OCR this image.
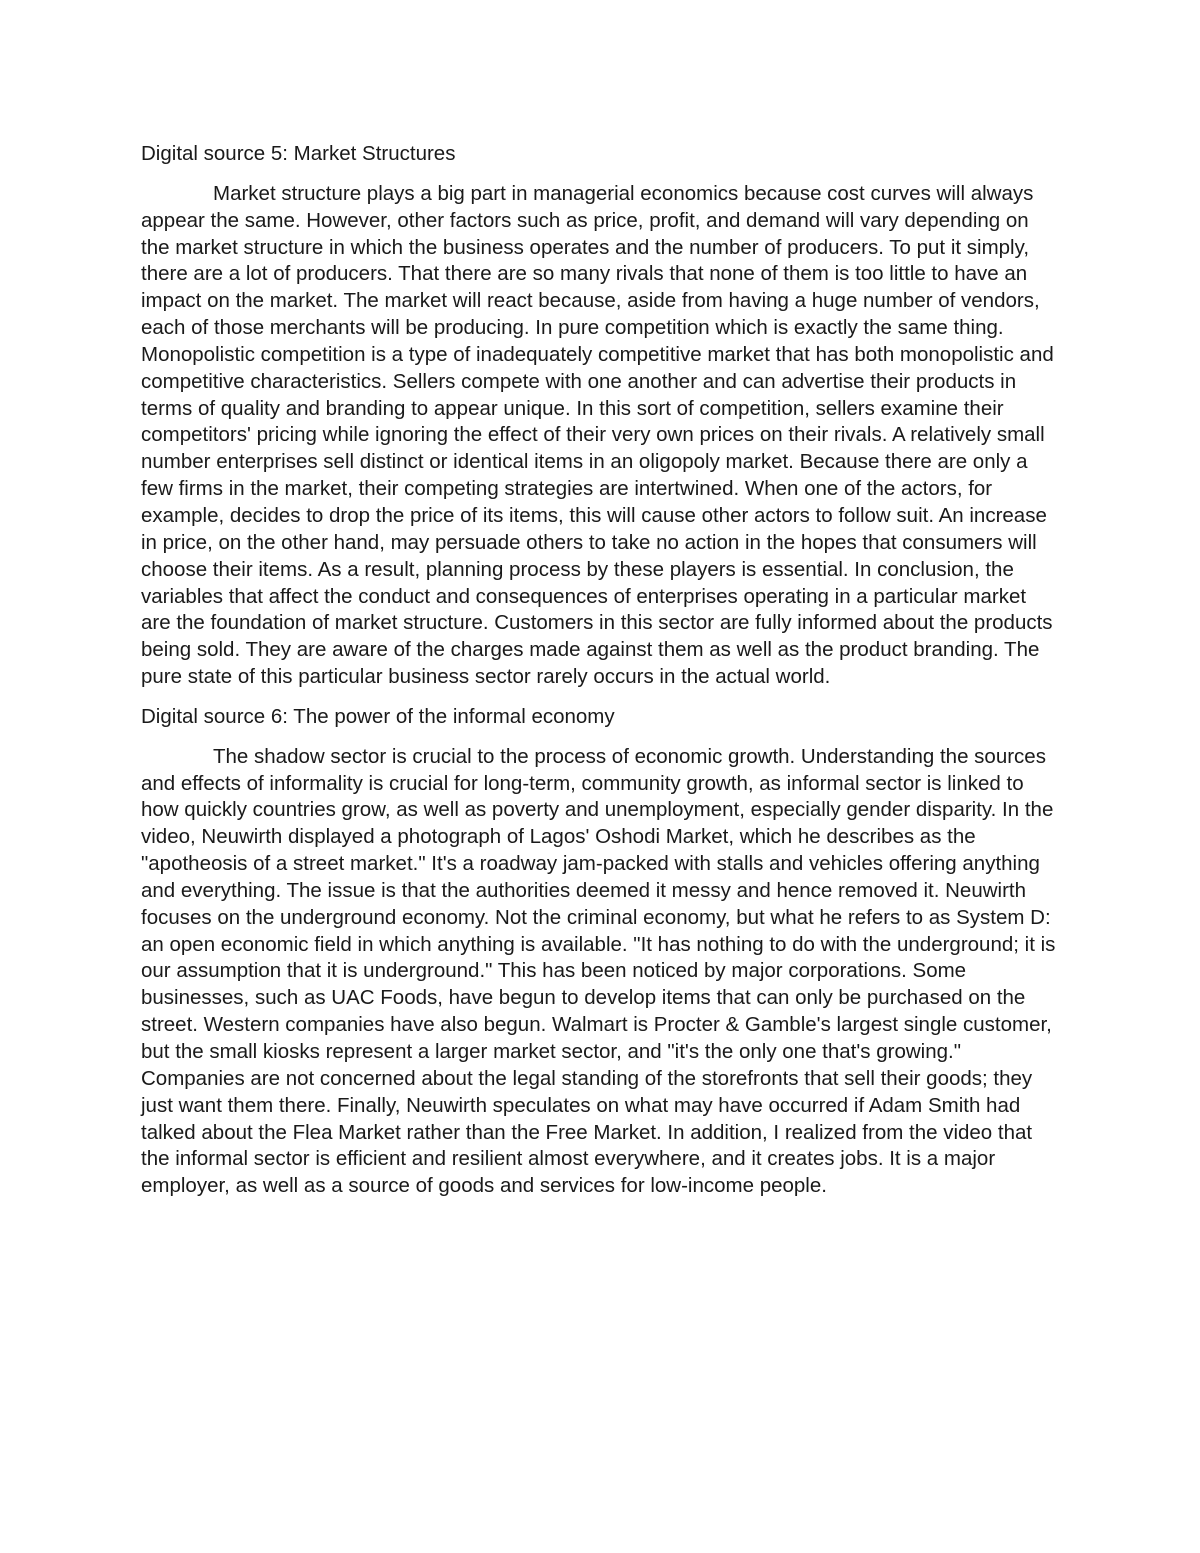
Digital source 5: Market Structures

Market structure plays a big part in managerial economics because cost curves will always appear the same. However, other factors such as price, profit, and demand will vary depending on the market structure in which the business operates and the number of producers. To put it simply, there are a lot of producers. That there are so many rivals that none of them is too little to have an impact on the market. The market will react because, aside from having a huge number of vendors, each of those merchants will be producing. In pure competition which is exactly the same thing. Monopolistic competition is a type of inadequately competitive market that has both monopolistic and competitive characteristics. Sellers compete with one another and can advertise their products in terms of quality and branding to appear unique. In this sort of competition, sellers examine their competitors' pricing while ignoring the effect of their very own prices on their rivals. A relatively small number enterprises sell distinct or identical items in an oligopoly market. Because there are only a few firms in the market, their competing strategies are intertwined. When one of the actors, for example, decides to drop the price of its items, this will cause other actors to follow suit. An increase in price, on the other hand, may persuade others to take no action in the hopes that consumers will choose their items. As a result, planning process by these players is essential. In conclusion, the variables that affect the conduct and consequences of enterprises operating in a particular market are the foundation of market structure. Customers in this sector are fully informed about the products being sold. They are aware of the charges made against them as well as the product branding. The pure state of this particular business sector rarely occurs in the actual world.

Digital source 6: The power of the informal economy

The shadow sector is crucial to the process of economic growth. Understanding the sources and effects of informality is crucial for long-term, community growth, as informal sector is linked to how quickly countries grow, as well as poverty and unemployment, especially gender disparity. In the video, Neuwirth displayed a photograph of Lagos' Oshodi Market, which he describes as the "apotheosis of a street market." It's a roadway jam-packed with stalls and vehicles offering anything and everything. The issue is that the authorities deemed it messy and hence removed it. Neuwirth focuses on the underground economy. Not the criminal economy, but what he refers to as System D: an open economic field in which anything is available. "It has nothing to do with the underground; it is our assumption that it is underground." This has been noticed by major corporations. Some businesses, such as UAC Foods, have begun to develop items that can only be purchased on the street. Western companies have also begun. Walmart is Procter & Gamble's largest single customer, but the small kiosks represent a larger market sector, and "it's the only one that's growing." Companies are not concerned about the legal standing of the storefronts that sell their goods; they just want them there. Finally, Neuwirth speculates on what may have occurred if Adam Smith had talked about the Flea Market rather than the Free Market. In addition, I realized from the video that the informal sector is efficient and resilient almost everywhere, and it creates jobs. It is a major employer, as well as a source of goods and services for low-income people.
